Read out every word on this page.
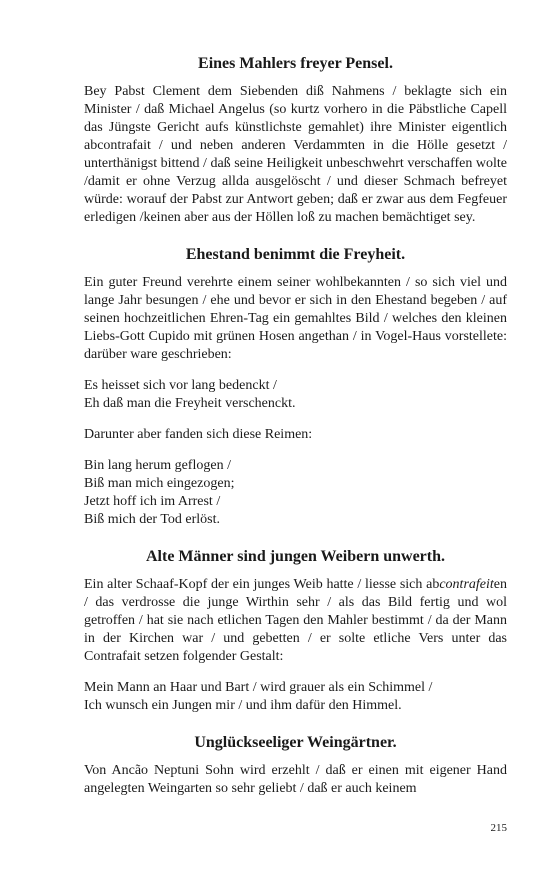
Eines Mahlers freyer Pensel.

Bey Pabst Clement dem Siebenden diß Nahmens / beklagte sich ein Minister / daß Michael Angelus (so kurtz vorhero in die Päbstliche Capell das Jüngste Gericht aufs künstlichste gemahlet) ihre Minister eigentlich abcontrafait / und neben anderen Verdammten in die Hölle gesetzt / unterthänigst bittend / daß seine Heiligkeit unbeschwehrt verschaffen wolte /damit er ohne Verzug allda ausgelöscht / und dieser Schmach befreyet würde: worauf der Pabst zur Antwort geben; daß er zwar aus dem Fegfeuer erledigen /keinen aber aus der Höllen loß zu machen bemächtiget sey.

Ehestand benimmt die Freyheit.

Ein guter Freund verehrte einem seiner wohlbekannten / so sich viel und lange Jahr besungen / ehe und bevor er sich in den Ehestand begeben / auf seinen hochzeitlichen Ehren-Tag ein gemahltes Bild / welches den kleinen Liebs-Gott Cupido mit grünen Hosen angethan / in Vogel-Haus vorstellete: darüber ware geschrieben:

Es heisset sich vor lang bedenckt /
Eh daß man die Freyheit verschenckt.
Darunter aber fanden sich diese Reimen:
Bin lang herum geflogen /
Biß man mich eingezogen;
Jetzt hoff ich im Arrest /
Biß mich der Tod erlöst.
Alte Männer sind jungen Weibern unwerth.

Ein alter Schaaf-Kopf der ein junges Weib hatte / liesse sich abcontrafeiten / das verdrosse die junge Wirthin sehr / als das Bild fertig und wol getroffen / hat sie nach etlichen Tagen den Mahler bestimmt / da der Mann in der Kirchen war / und gebetten / er solte etliche Vers unter das Contrafait setzen folgender Gestalt:

Mein Mann an Haar und Bart / wird grauer als ein Schimmel /
Ich wunsch ein Jungen mir / und ihm dafür den Himmel.
Unglückseeliger Weingärtner.

Von Ancão Neptuni Sohn wird erzehlt / daß er einen mit eigener Hand angelegten Weingarten so sehr geliebt / daß er auch keinem

215
